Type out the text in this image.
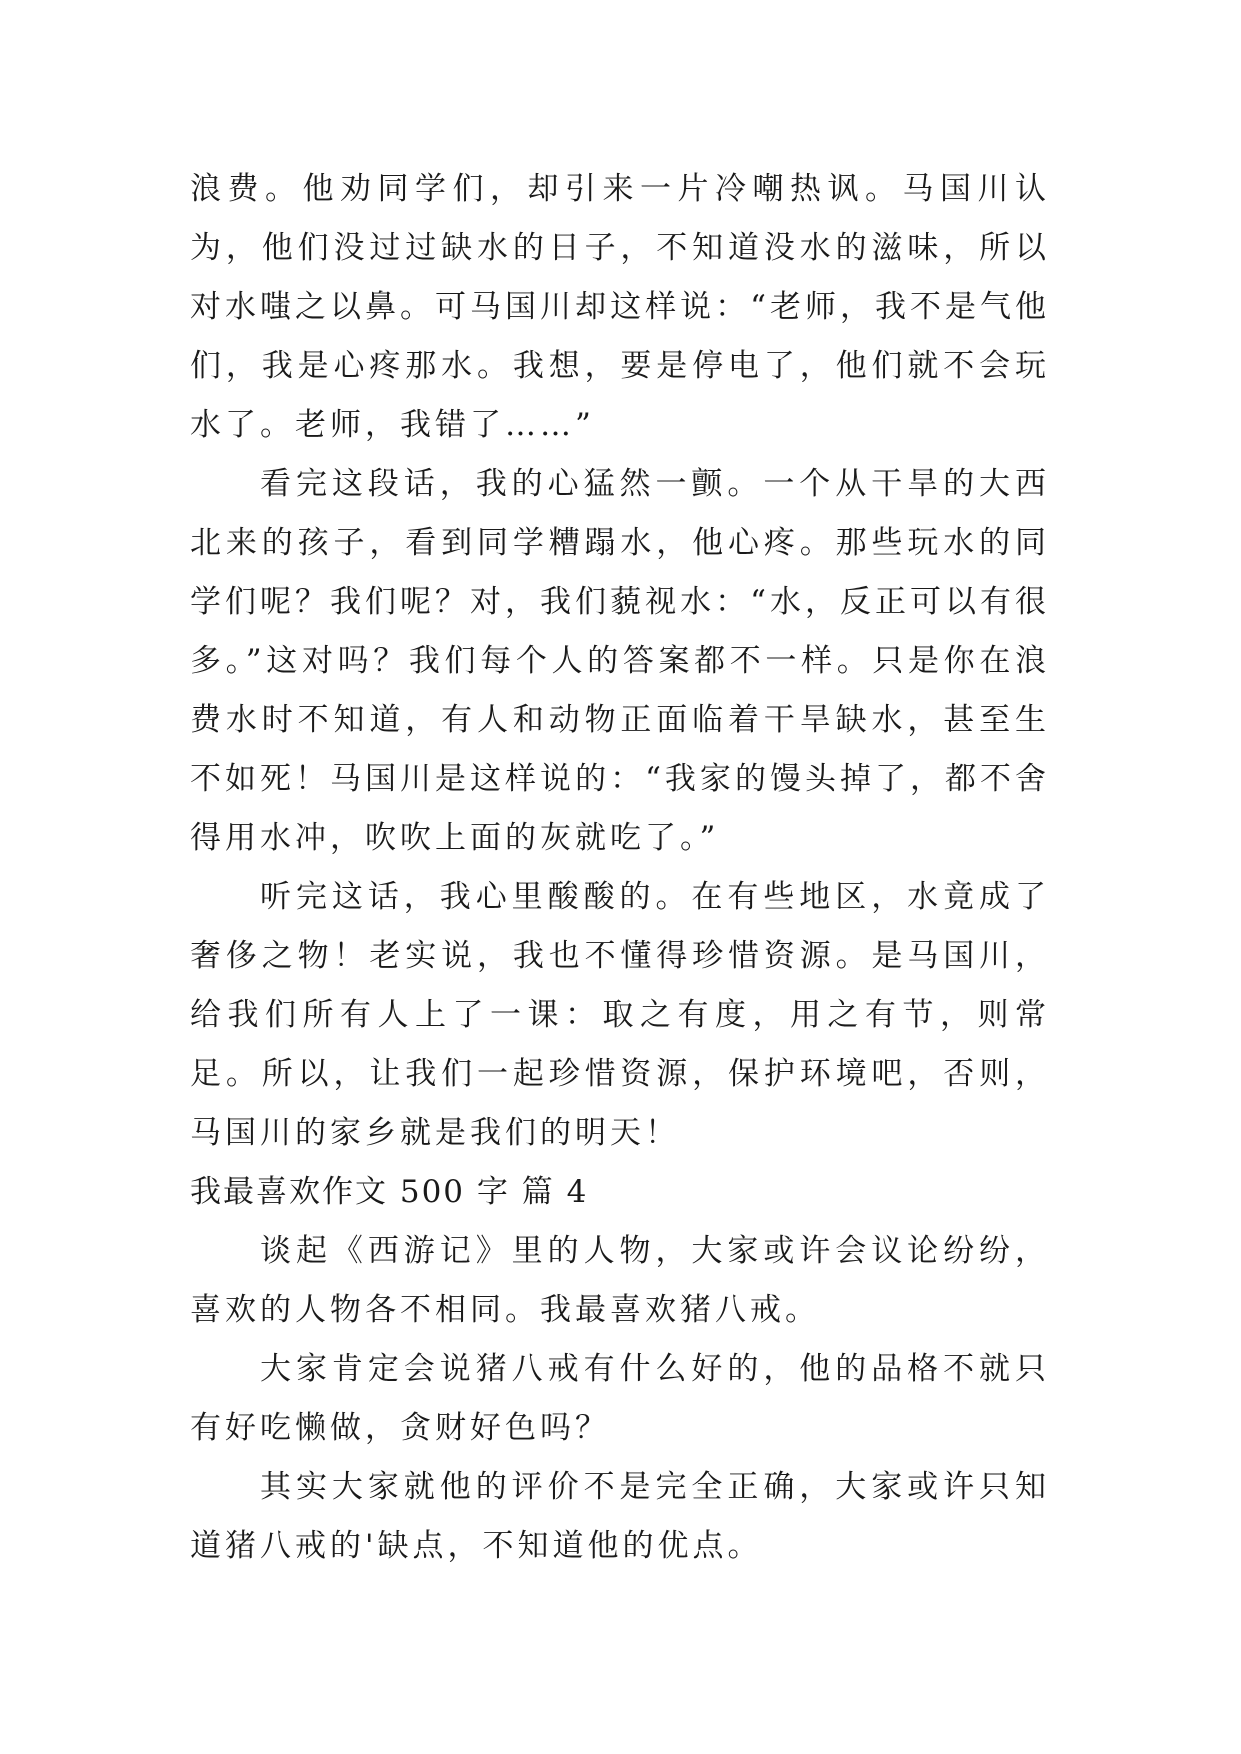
浪费。他劝同学们，却引来一片冷嘲热讽。马国川认为，他们没过过缺水的日子，不知道没水的滋味，所以对水嗤之以鼻。可马国川却这样说：“老师，我不是气他们，我是心疼那水。我想，要是停电了，他们就不会玩水了。老师，我错了……”

看完这段话，我的心猛然一颤。一个从干旱的大西北来的孩子，看到同学糟蹋水，他心疼。那些玩水的同学们呢？我们呢？对，我们藐视水：“水，反正可以有很多。”这对吗？我们每个人的答案都不一样。只是你在浪费水时不知道，有人和动物正面临着干旱缺水，甚至生不如死！马国川是这样说的：“我家的馒头掉了，都不舍得用水冲，吹吹上面的灰就吃了。”

听完这话，我心里酸酸的。在有些地区，水竟成了奢侈之物！老实说，我也不懂得珍惜资源。是马国川，给我们所有人上了一课：取之有度，用之有节，则常足。所以，让我们一起珍惜资源，保护环境吧，否则，马国川的家乡就是我们的明天！

我最喜欢作文 500 字 篇 4

谈起《西游记》里的人物，大家或许会议论纷纷，喜欢的人物各不相同。我最喜欢猪八戒。

大家肯定会说猪八戒有什么好的，他的品格不就只有好吃懒做，贪财好色吗？

其实大家就他的评价不是完全正确，大家或许只知道猪八戒的'缺点，不知道他的优点。
